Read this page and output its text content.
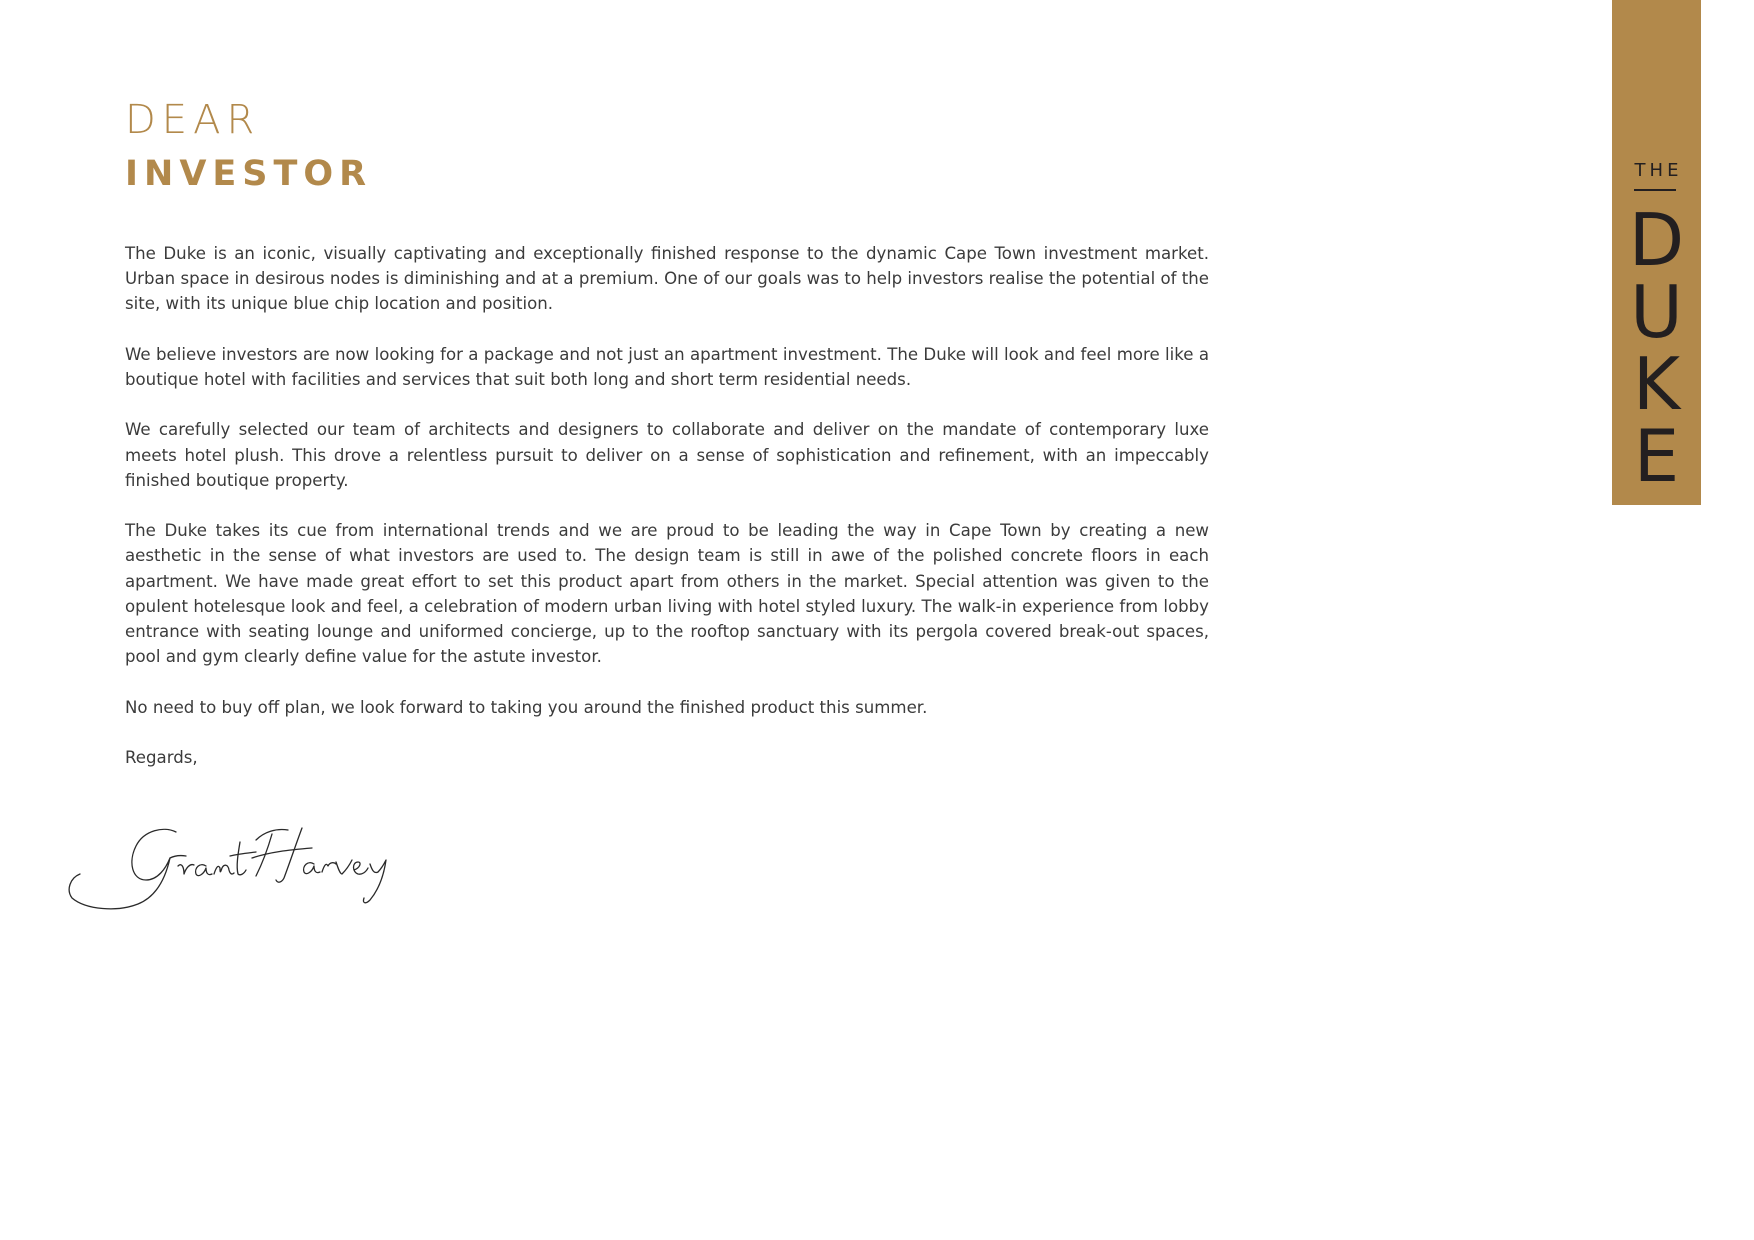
DEAR
INVESTOR

The Duke is an iconic, visually captivating and exceptionally finished response to the dynamic Cape Town investment market. Urban space in desirous nodes is diminishing and at a premium. One of our goals was to help investors realise the potential of the site, with its unique blue chip location and position.

We believe investors are now looking for a package and not just an apartment investment. The Duke will look and feel more like a boutique hotel with facilities and services that suit both long and short term residential needs.

We carefully selected our team of architects and designers to collaborate and deliver on the mandate of contemporary luxe meets hotel plush. This drove a relentless pursuit to deliver on a sense of sophistication and refinement, with an impeccably finished boutique property.

The Duke takes its cue from international trends and we are proud to be leading the way in Cape Town by creating a new aesthetic in the sense of what investors are used to. The design team is still in awe of the polished concrete floors in each apartment. We have made great effort to set this product apart from others in the market. Special attention was given to the opulent hotelesque look and feel, a celebration of modern urban living with hotel styled luxury. The walk-in experience from lobby entrance with seating lounge and uniformed concierge, up to the rooftop sanctuary with its pergola covered break-out spaces, pool and gym clearly define value for the astute investor.

No need to buy off plan, we look forward to taking you around the finished product this summer.

Regards,

THE
D
U
K
E
